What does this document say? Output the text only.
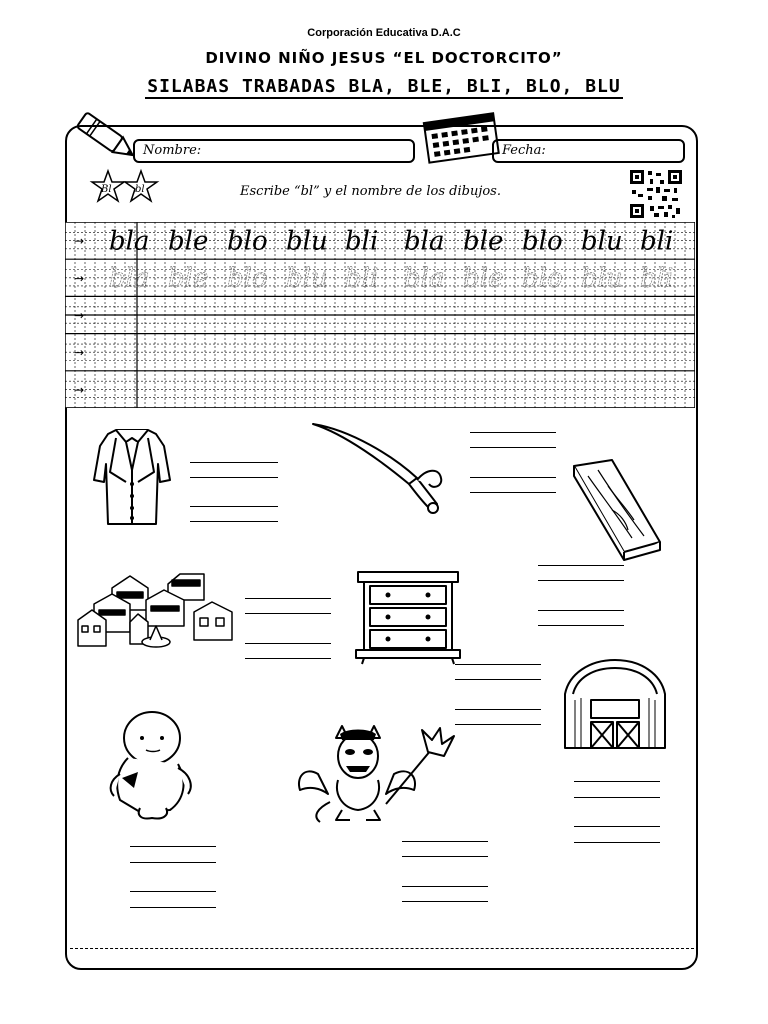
Corporación Educativa D.A.C
DIVINO NIÑO JESUS “EL DOCTORCITO”
SILABAS TRABADAS BLA, BLE, BLI, BLO, BLU
Nombre:	Fecha:
Bl bl	Escribe “bl” y el nombre de los dibujos.
→
→
→
→
→
bla ble blo blu bli bla ble blo blu bli
bla ble blo blu bli bla ble blo blu bli
